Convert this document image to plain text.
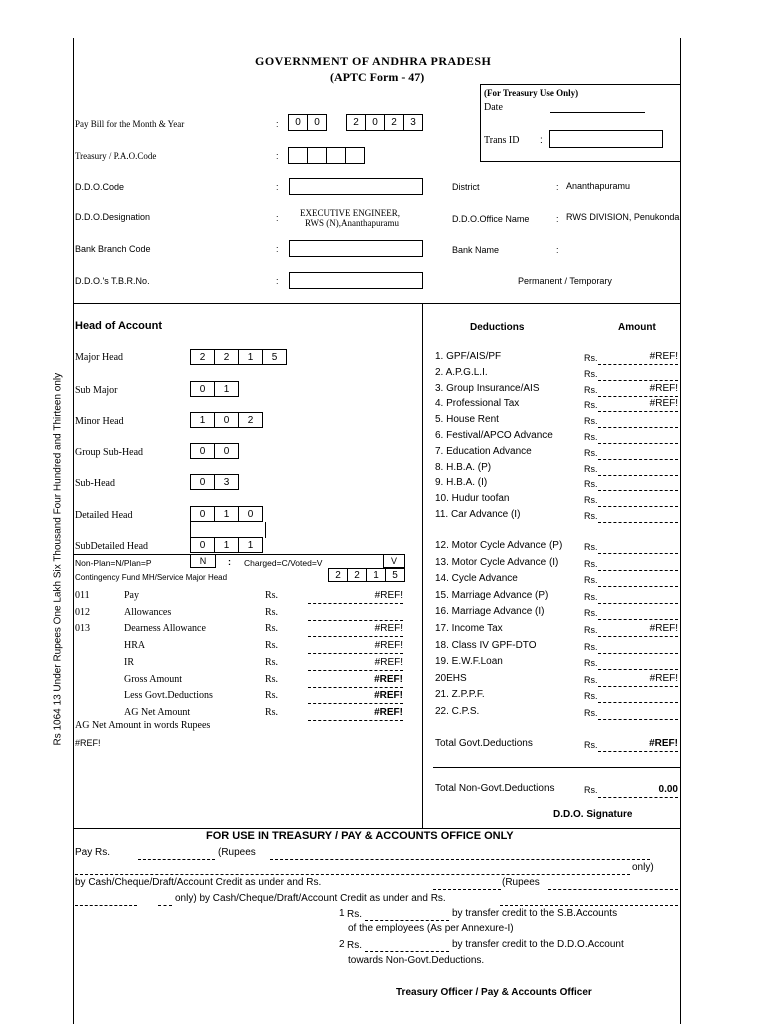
GOVERNMENT OF ANDHRA PRADESH
(APTC Form - 47)
(For Treasury Use Only)
Date
Trans ID :
Pay Bill for the Month & Year	:	0	0	2	0	2	3
Treasury / P.A.O.Code	:
D.D.O.Code	:
D.D.O.Designation	: EXECUTIVE ENGINEER,
RWS (N),Ananthapuramu
Bank Branch Code	:
D.D.O.'s T.B.R.No.	:
District	: Ananthapuramu
D.D.O.Office Name	: RWS DIVISION, Penukonda
Bank Name	:
Permanent / Temporary
Rs 1064 13 Under Rupees One Lakh Six Thousand Four Hundred and Thirteen only
Head of Account
Major Head	2	2	1	5
Sub Major	0	1
Minor Head	1	0	2
Group Sub-Head	0	0
Sub-Head	0	3
Detailed Head	0	1	0
SubDetailed Head	0	1	1
Non-Plan=N/Plan=P	N	: Charged=C/Voted=V	V
Contingency Fund MH/Service Major Head	2	2	1	5
011	Pay	Rs.	#REF!
012	Allowances	Rs.
013	Dearness Allowance	Rs.	#REF!
HRA	Rs.	#REF!
IR	Rs.	#REF!
Gross Amount	Rs.	#REF!
Less Govt.Deductions	Rs.	#REF!
AG Net Amount	Rs.	#REF!
AG Net Amount in words Rupees
#REF!
Deductions	Amount
1. GPF/AIS/PF	Rs.	#REF!
2. A.P.G.L.I.	Rs.
3. Group Insurance/AIS	Rs.	#REF!
4. Professional Tax	Rs.	#REF!
5. House Rent	Rs.
6. Festival/APCO Advance	Rs.
7. Education Advance	Rs.
8. H.B.A. (P)	Rs.
9. H.B.A. (I)	Rs.
10. Hudur toofan	Rs.
11. Car Advance (I)	Rs.
12. Motor Cycle Advance (P) Rs.
13. Motor Cycle Advance (I)	Rs.
14. Cycle Advance	Rs.
15. Marriage Advance (P)	Rs.
16. Marriage Advance (I)	Rs.
17. Income Tax	Rs.	#REF!
18. Class IV GPF-DTO	Rs.
19. E.W.F.Loan	Rs.
20EHS	Rs.	#REF!
21. Z.P.P.F.	Rs.
22. C.P.S.	Rs.
Total Govt.Deductions	Rs.	#REF!
Total Non-Govt.Deductions	Rs.	0.00
D.D.O. Signature
FOR USE IN TREASURY / PAY & ACCOUNTS OFFICE ONLY
Pay Rs.	(Rupees
only)
by Cash/Cheque/Draft/Account Credit as under and Rs.	(Rupees
only) by Cash/Cheque/Draft/Account Credit as under and Rs.
1 Rs.	by transfer credit to the S.B.Accounts
of the employees (As per Annexure-I)
2 Rs.	by transfer credit to the D.D.O.Account
towards Non-Govt.Deductions.
Treasury Officer / Pay & Accounts Officer
